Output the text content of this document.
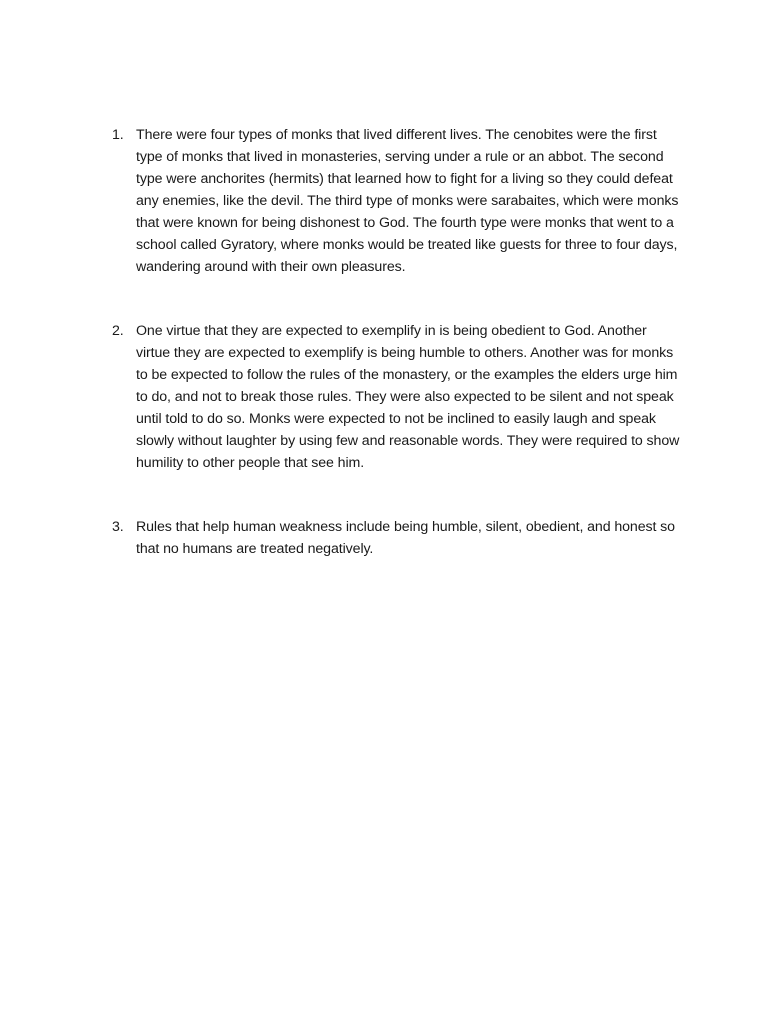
1. There were four types of monks that lived different lives. The cenobites were the first type of monks that lived in monasteries, serving under a rule or an abbot. The second type were anchorites (hermits) that learned how to fight for a living so they could defeat any enemies, like the devil. The third type of monks were sarabaites, which were monks that were known for being dishonest to God. The fourth type were monks that went to a school called Gyratory, where monks would be treated like guests for three to four days, wandering around with their own pleasures.
2. One virtue that they are expected to exemplify in is being obedient to God. Another virtue they are expected to exemplify is being humble to others. Another was for monks to be expected to follow the rules of the monastery, or the examples the elders urge him to do, and not to break those rules. They were also expected to be silent and not speak until told to do so. Monks were expected to not be inclined to easily laugh and speak slowly without laughter by using few and reasonable words. They were required to show humility to other people that see him.
3. Rules that help human weakness include being humble, silent, obedient, and honest so that no humans are treated negatively.
